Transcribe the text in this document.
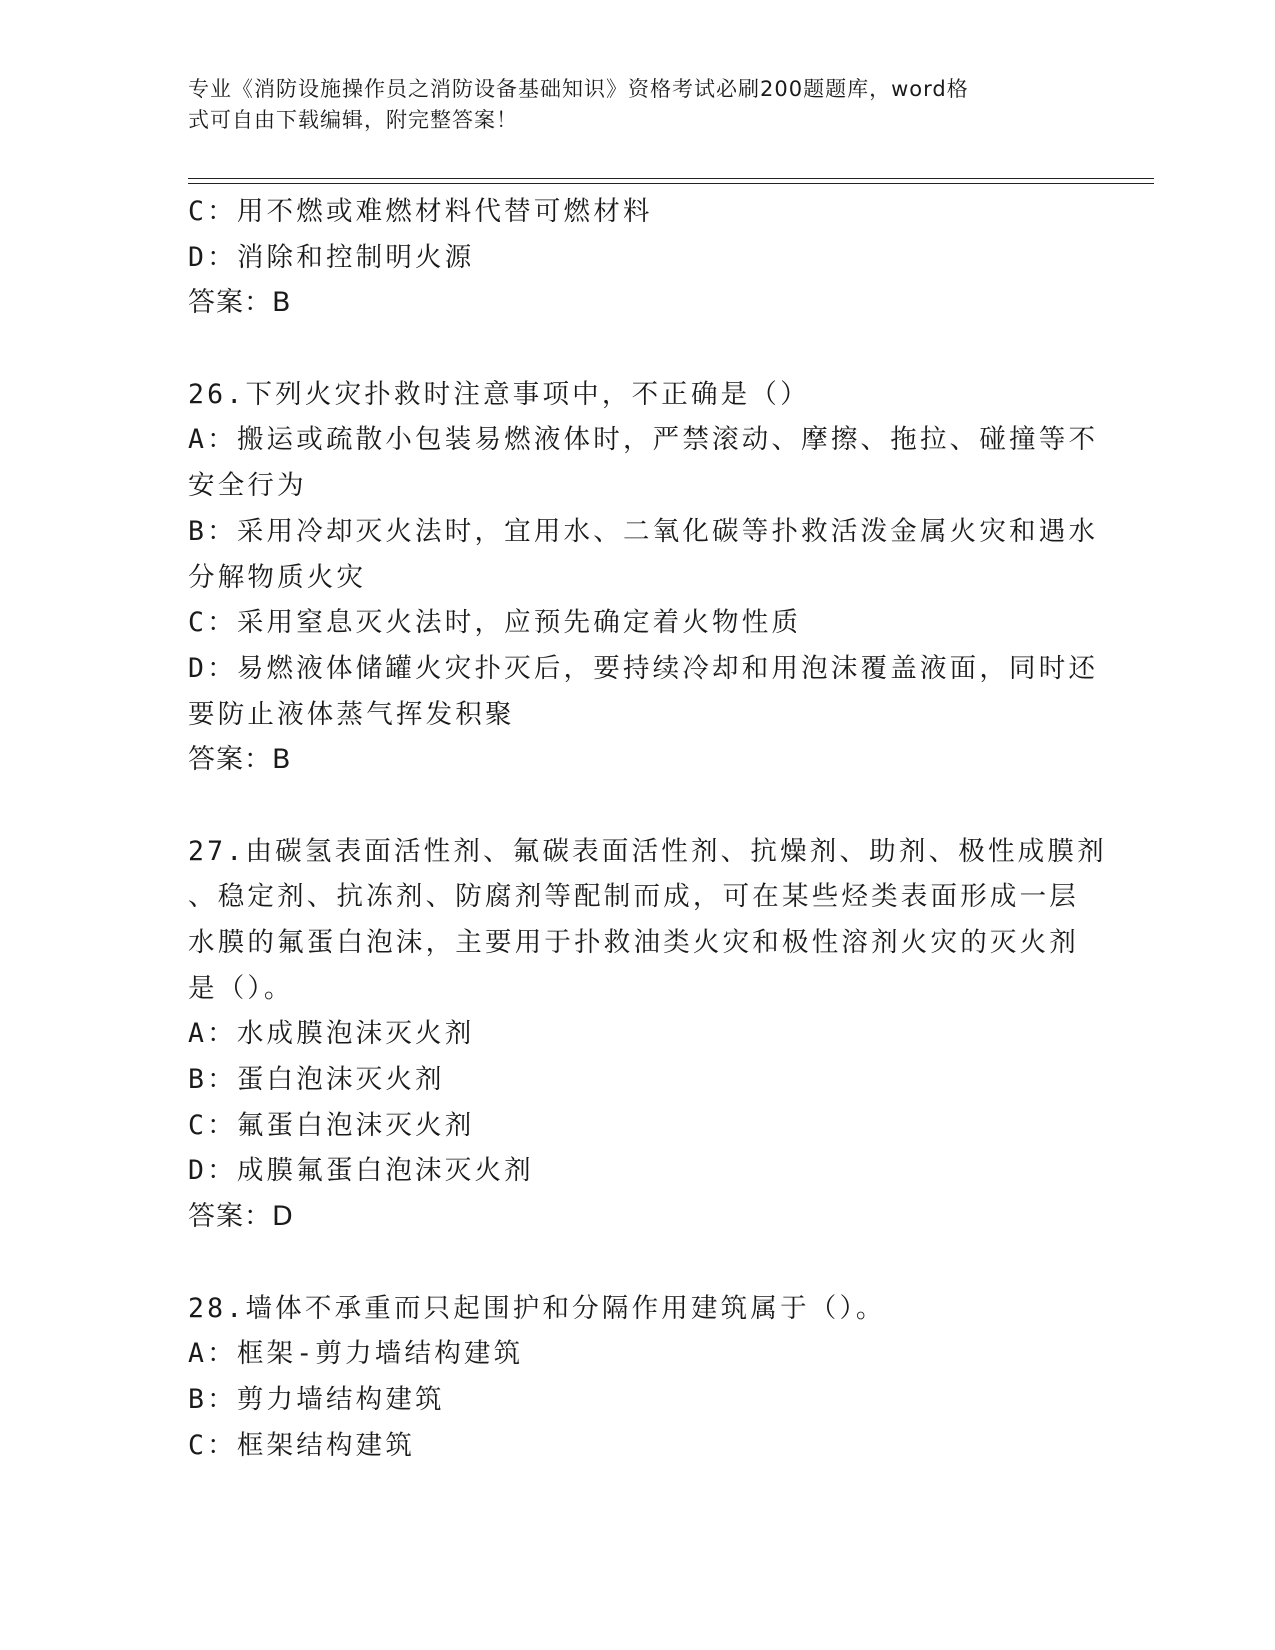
专业《消防设施操作员之消防设备基础知识》资格考试必刷200题题库，word格
式可自由下载编辑，附完整答案！
C：用不燃或难燃材料代替可燃材料
D：消除和控制明火源
答案：B
26.下列火灾扑救时注意事项中，不正确是（）
A：搬运或疏散小包装易燃液体时，严禁滚动、摩擦、拖拉、碰撞等不
安全行为
B：采用冷却灭火法时，宜用水、二氧化碳等扑救活泼金属火灾和遇水
分解物质火灾
C：采用窒息灭火法时，应预先确定着火物性质
D：易燃液体储罐火灾扑灭后，要持续冷却和用泡沫覆盖液面，同时还
要防止液体蒸气挥发积聚
答案：B
27.由碳氢表面活性剂、氟碳表面活性剂、抗燥剂、助剂、极性成膜剂
、稳定剂、抗冻剂、防腐剂等配制而成，可在某些烃类表面形成一层
水膜的氟蛋白泡沫，主要用于扑救油类火灾和极性溶剂火灾的灭火剂
是（）。
A：水成膜泡沫灭火剂
B：蛋白泡沫灭火剂
C：氟蛋白泡沫灭火剂
D：成膜氟蛋白泡沫灭火剂
答案：D
28.墙体不承重而只起围护和分隔作用建筑属于（）。
A：框架-剪力墙结构建筑
B：剪力墙结构建筑
C：框架结构建筑
